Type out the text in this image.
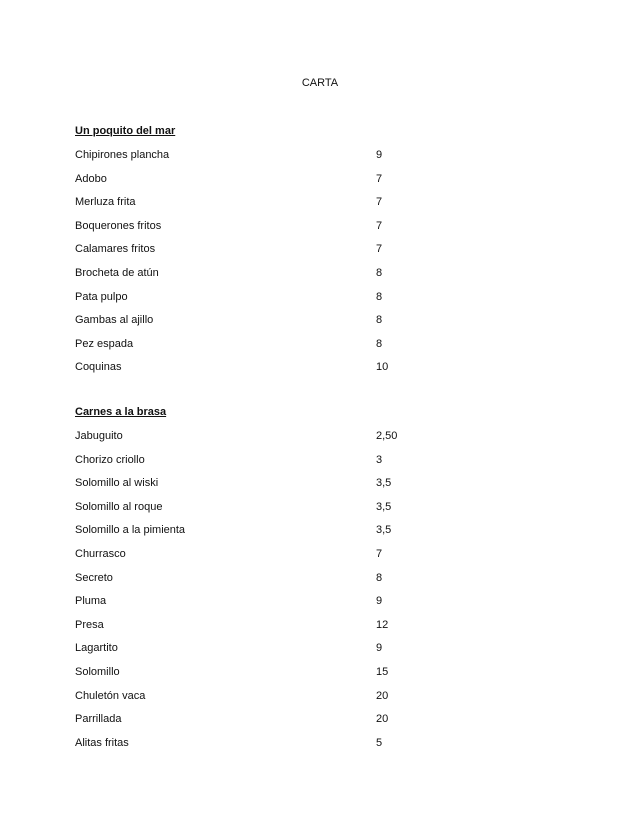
CARTA
Un poquito del mar
Chipirones plancha	9
Adobo	7
Merluza frita	7
Boquerones fritos	7
Calamares fritos	7
Brocheta de atún	8
Pata pulpo	8
Gambas al ajillo	8
Pez espada	8
Coquinas	10
Carnes a la brasa
Jabuguito	2,50
Chorizo criollo	3
Solomillo al wiski	3,5
Solomillo al roque	3,5
Solomillo a la pimienta	3,5
Churrasco	7
Secreto	8
Pluma	9
Presa	12
Lagartito	9
Solomillo	15
Chuletón vaca	20
Parrillada	20
Alitas fritas	5
